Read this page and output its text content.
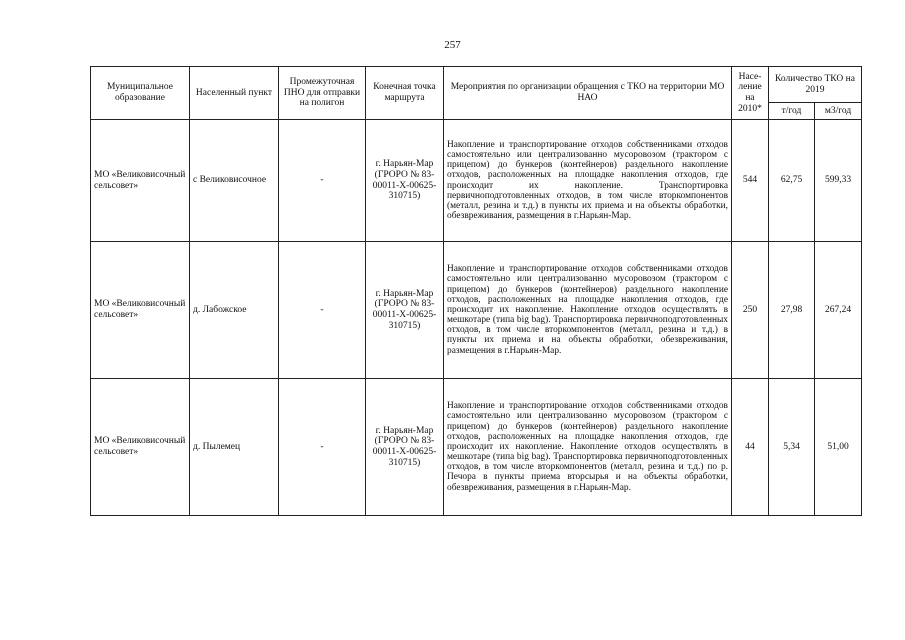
257
Муниципальное образование	Населенный пункт	Промежуточная ПНО для отправки на полигон	Конечная точка маршрута	Мероприятия по организации обращения с ТКО на территории МО НАО	Насе-ление на 2010*	Количество ТКО на 2019	
						т/год	м3/год
МО «Великовисочный сельсовет»	с Великовисочное	-	г. Нарьян-Мар (ГРОРО № 83-00011-Х-00625-310715)	Накопление и транспортирование отходов собственниками отходов самостоятельно или централизованно мусоровозом (трактором с прицепом) до бункеров (контейнеров) раздельного накопление отходов, расположенных на площадке накопления отходов, где происходит их накопление. Транспортировка первичноподготовленных отходов, в том числе вторкомпонентов (металл, резина и т.д.) в пункты их приема и на объекты обработки, обезвреживания, размещения в г.Нарьян-Мар.	544	62,75	599,33
МО «Великовисочный сельсовет»	д. Лабожское	-	г. Нарьян-Мар (ГРОРО № 83-00011-Х-00625-310715)	Накопление и транспортирование отходов собственниками отходов самостоятельно или централизованно мусоровозом (трактором с прицепом) до бункеров (контейнеров) раздельного накопление отходов, расположенных на площадке накопления отходов, где происходит их накопление. Накопление отходов осуществлять в мешкотаре (типа big bag). Транспортировка первичноподготовленных отходов, в том числе вторкомпонентов (металл, резина и т.д.) в пункты их приема и на объекты обработки, обезвреживания, размещения в г.Нарьян-Мар.	250	27,98	267,24
МО «Великовисочный сельсовет»	д. Пылемец	-	г. Нарьян-Мар (ГРОРО № 83-00011-Х-00625-310715)	Накопление и транспортирование отходов собственниками отходов самостоятельно или централизованно мусоровозом (трактором с прицепом) до бункеров (контейнеров) раздельного накопление отходов, расположенных на площадке накопления отходов, где происходит их накопление. Накопление отходов осуществлять в мешкотаре (типа big bag). Транспортировка первичноподготовленных отходов, в том числе вторкомпонентов (металл, резина и т.д.) по р. Печора в пункты приема вторсырья и на объекты обработки, обезвреживания, размещения в г.Нарьян-Мар.	44	5,34	51,00
